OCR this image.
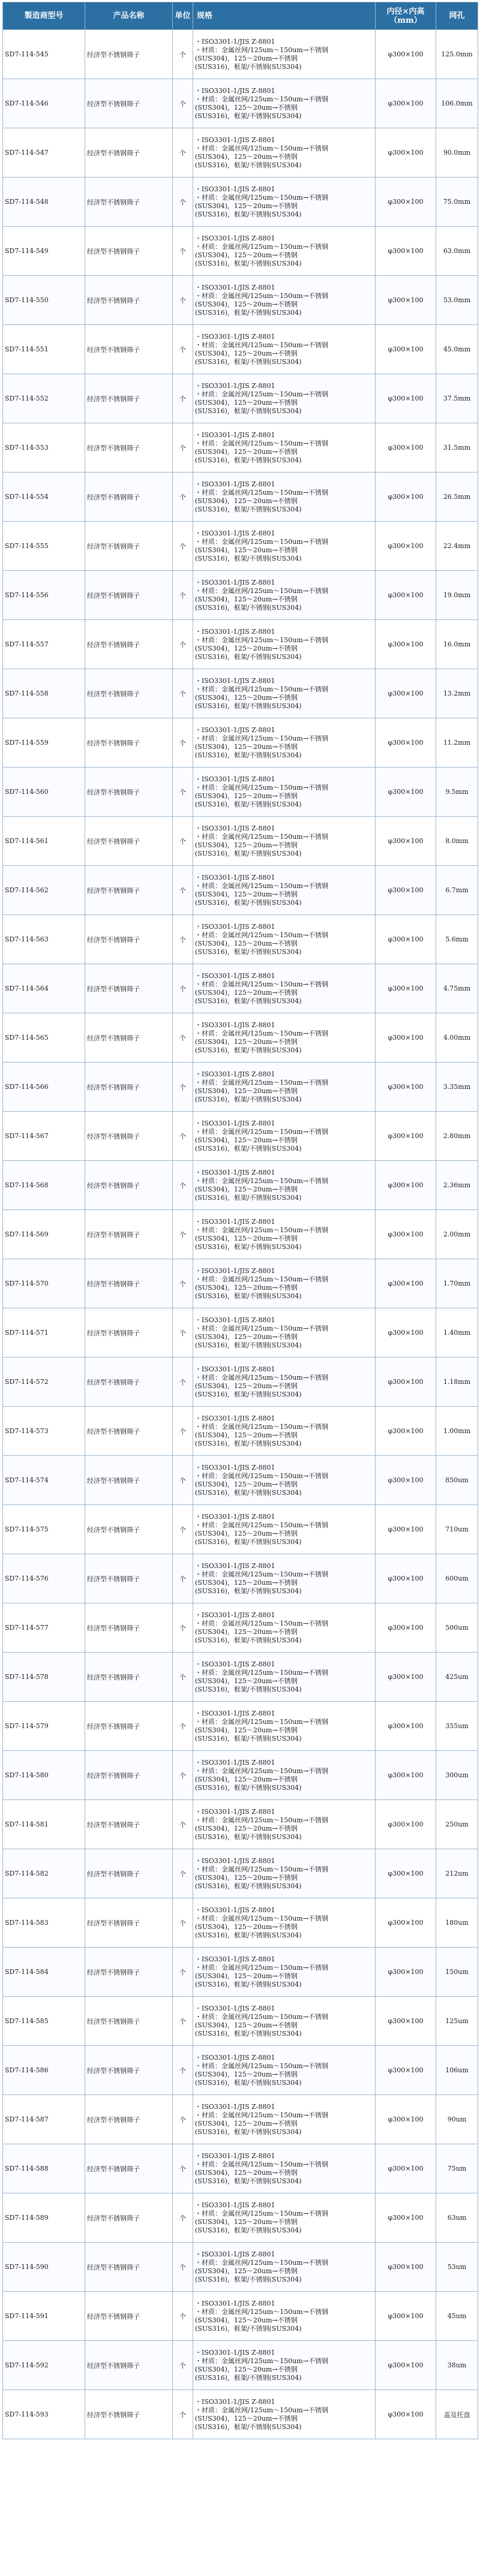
製造商型号	产品名称	单位	规格	内径×内高
（mm）	网孔
SD7-114-545	经济型不锈钢筛子	个	・ISO3301-1/JIS Z-8801
・材质：金属丝网/125um～150um→不锈钢
(SUS304)，125～20um→不锈钢
(SUS316)，框架/不锈钢(SUS304)	φ300×100	125.0mm
SD7-114-546	经济型不锈钢筛子	个	・ISO3301-1/JIS Z-8801
・材质：金属丝网/125um～150um→不锈钢
(SUS304)，125～20um→不锈钢
(SUS316)，框架/不锈钢(SUS304)	φ300×100	106.0mm
SD7-114-547	经济型不锈钢筛子	个	・ISO3301-1/JIS Z-8801
・材质：金属丝网/125um～150um→不锈钢
(SUS304)，125～20um→不锈钢
(SUS316)，框架/不锈钢(SUS304)	φ300×100	90.0mm
SD7-114-548	经济型不锈钢筛子	个	・ISO3301-1/JIS Z-8801
・材质：金属丝网/125um～150um→不锈钢
(SUS304)，125～20um→不锈钢
(SUS316)，框架/不锈钢(SUS304)	φ300×100	75.0mm
SD7-114-549	经济型不锈钢筛子	个	・ISO3301-1/JIS Z-8801
・材质：金属丝网/125um～150um→不锈钢
(SUS304)，125～20um→不锈钢
(SUS316)，框架/不锈钢(SUS304)	φ300×100	63.0mm
SD7-114-550	经济型不锈钢筛子	个	・ISO3301-1/JIS Z-8801
・材质：金属丝网/125um～150um→不锈钢
(SUS304)，125～20um→不锈钢
(SUS316)，框架/不锈钢(SUS304)	φ300×100	53.0mm
SD7-114-551	经济型不锈钢筛子	个	・ISO3301-1/JIS Z-8801
・材质：金属丝网/125um～150um→不锈钢
(SUS304)，125～20um→不锈钢
(SUS316)，框架/不锈钢(SUS304)	φ300×100	45.0mm
SD7-114-552	经济型不锈钢筛子	个	・ISO3301-1/JIS Z-8801
・材质：金属丝网/125um～150um→不锈钢
(SUS304)，125～20um→不锈钢
(SUS316)，框架/不锈钢(SUS304)	φ300×100	37.5mm
SD7-114-553	经济型不锈钢筛子	个	・ISO3301-1/JIS Z-8801
・材质：金属丝网/125um～150um→不锈钢
(SUS304)，125～20um→不锈钢
(SUS316)，框架/不锈钢(SUS304)	φ300×100	31.5mm
SD7-114-554	经济型不锈钢筛子	个	・ISO3301-1/JIS Z-8801
・材质：金属丝网/125um～150um→不锈钢
(SUS304)，125～20um→不锈钢
(SUS316)，框架/不锈钢(SUS304)	φ300×100	26.5mm
SD7-114-555	经济型不锈钢筛子	个	・ISO3301-1/JIS Z-8801
・材质：金属丝网/125um～150um→不锈钢
(SUS304)，125～20um→不锈钢
(SUS316)，框架/不锈钢(SUS304)	φ300×100	22.4mm
SD7-114-556	经济型不锈钢筛子	个	・ISO3301-1/JIS Z-8801
・材质：金属丝网/125um～150um→不锈钢
(SUS304)，125～20um→不锈钢
(SUS316)，框架/不锈钢(SUS304)	φ300×100	19.0mm
SD7-114-557	经济型不锈钢筛子	个	・ISO3301-1/JIS Z-8801
・材质：金属丝网/125um～150um→不锈钢
(SUS304)，125～20um→不锈钢
(SUS316)，框架/不锈钢(SUS304)	φ300×100	16.0mm
SD7-114-558	经济型不锈钢筛子	个	・ISO3301-1/JIS Z-8801
・材质：金属丝网/125um～150um→不锈钢
(SUS304)，125～20um→不锈钢
(SUS316)，框架/不锈钢(SUS304)	φ300×100	13.2mm
SD7-114-559	经济型不锈钢筛子	个	・ISO3301-1/JIS Z-8801
・材质：金属丝网/125um～150um→不锈钢
(SUS304)，125～20um→不锈钢
(SUS316)，框架/不锈钢(SUS304)	φ300×100	11.2mm
SD7-114-560	经济型不锈钢筛子	个	・ISO3301-1/JIS Z-8801
・材质：金属丝网/125um～150um→不锈钢
(SUS304)，125～20um→不锈钢
(SUS316)，框架/不锈钢(SUS304)	φ300×100	9.5mm
SD7-114-561	经济型不锈钢筛子	个	・ISO3301-1/JIS Z-8801
・材质：金属丝网/125um～150um→不锈钢
(SUS304)，125～20um→不锈钢
(SUS316)，框架/不锈钢(SUS304)	φ300×100	8.0mm
SD7-114-562	经济型不锈钢筛子	个	・ISO3301-1/JIS Z-8801
・材质：金属丝网/125um～150um→不锈钢
(SUS304)，125～20um→不锈钢
(SUS316)，框架/不锈钢(SUS304)	φ300×100	6.7mm
SD7-114-563	经济型不锈钢筛子	个	・ISO3301-1/JIS Z-8801
・材质：金属丝网/125um～150um→不锈钢
(SUS304)，125～20um→不锈钢
(SUS316)，框架/不锈钢(SUS304)	φ300×100	5.6mm
SD7-114-564	经济型不锈钢筛子	个	・ISO3301-1/JIS Z-8801
・材质：金属丝网/125um～150um→不锈钢
(SUS304)，125～20um→不锈钢
(SUS316)，框架/不锈钢(SUS304)	φ300×100	4.75mm
SD7-114-565	经济型不锈钢筛子	个	・ISO3301-1/JIS Z-8801
・材质：金属丝网/125um～150um→不锈钢
(SUS304)，125～20um→不锈钢
(SUS316)，框架/不锈钢(SUS304)	φ300×100	4.00mm
SD7-114-566	经济型不锈钢筛子	个	・ISO3301-1/JIS Z-8801
・材质：金属丝网/125um～150um→不锈钢
(SUS304)，125～20um→不锈钢
(SUS316)，框架/不锈钢(SUS304)	φ300×100	3.35mm
SD7-114-567	经济型不锈钢筛子	个	・ISO3301-1/JIS Z-8801
・材质：金属丝网/125um～150um→不锈钢
(SUS304)，125～20um→不锈钢
(SUS316)，框架/不锈钢(SUS304)	φ300×100	2.80mm
SD7-114-568	经济型不锈钢筛子	个	・ISO3301-1/JIS Z-8801
・材质：金属丝网/125um～150um→不锈钢
(SUS304)，125～20um→不锈钢
(SUS316)，框架/不锈钢(SUS304)	φ300×100	2.36mm
SD7-114-569	经济型不锈钢筛子	个	・ISO3301-1/JIS Z-8801
・材质：金属丝网/125um～150um→不锈钢
(SUS304)，125～20um→不锈钢
(SUS316)，框架/不锈钢(SUS304)	φ300×100	2.00mm
SD7-114-570	经济型不锈钢筛子	个	・ISO3301-1/JIS Z-8801
・材质：金属丝网/125um～150um→不锈钢
(SUS304)，125～20um→不锈钢
(SUS316)，框架/不锈钢(SUS304)	φ300×100	1.70mm
SD7-114-571	经济型不锈钢筛子	个	・ISO3301-1/JIS Z-8801
・材质：金属丝网/125um～150um→不锈钢
(SUS304)，125～20um→不锈钢
(SUS316)，框架/不锈钢(SUS304)	φ300×100	1.40mm
SD7-114-572	经济型不锈钢筛子	个	・ISO3301-1/JIS Z-8801
・材质：金属丝网/125um～150um→不锈钢
(SUS304)，125～20um→不锈钢
(SUS316)，框架/不锈钢(SUS304)	φ300×100	1.18mm
SD7-114-573	经济型不锈钢筛子	个	・ISO3301-1/JIS Z-8801
・材质：金属丝网/125um～150um→不锈钢
(SUS304)，125～20um→不锈钢
(SUS316)，框架/不锈钢(SUS304)	φ300×100	1.00mm
SD7-114-574	经济型不锈钢筛子	个	・ISO3301-1/JIS Z-8801
・材质：金属丝网/125um～150um→不锈钢
(SUS304)，125～20um→不锈钢
(SUS316)，框架/不锈钢(SUS304)	φ300×100	850um
SD7-114-575	经济型不锈钢筛子	个	・ISO3301-1/JIS Z-8801
・材质：金属丝网/125um～150um→不锈钢
(SUS304)，125～20um→不锈钢
(SUS316)，框架/不锈钢(SUS304)	φ300×100	710um
SD7-114-576	经济型不锈钢筛子	个	・ISO3301-1/JIS Z-8801
・材质：金属丝网/125um～150um→不锈钢
(SUS304)，125～20um→不锈钢
(SUS316)，框架/不锈钢(SUS304)	φ300×100	600um
SD7-114-577	经济型不锈钢筛子	个	・ISO3301-1/JIS Z-8801
・材质：金属丝网/125um～150um→不锈钢
(SUS304)，125～20um→不锈钢
(SUS316)，框架/不锈钢(SUS304)	φ300×100	500um
SD7-114-578	经济型不锈钢筛子	个	・ISO3301-1/JIS Z-8801
・材质：金属丝网/125um～150um→不锈钢
(SUS304)，125～20um→不锈钢
(SUS316)，框架/不锈钢(SUS304)	φ300×100	425um
SD7-114-579	经济型不锈钢筛子	个	・ISO3301-1/JIS Z-8801
・材质：金属丝网/125um～150um→不锈钢
(SUS304)，125～20um→不锈钢
(SUS316)，框架/不锈钢(SUS304)	φ300×100	355um
SD7-114-580	经济型不锈钢筛子	个	・ISO3301-1/JIS Z-8801
・材质：金属丝网/125um～150um→不锈钢
(SUS304)，125～20um→不锈钢
(SUS316)，框架/不锈钢(SUS304)	φ300×100	300um
SD7-114-581	经济型不锈钢筛子	个	・ISO3301-1/JIS Z-8801
・材质：金属丝网/125um～150um→不锈钢
(SUS304)，125～20um→不锈钢
(SUS316)，框架/不锈钢(SUS304)	φ300×100	250um
SD7-114-582	经济型不锈钢筛子	个	・ISO3301-1/JIS Z-8801
・材质：金属丝网/125um～150um→不锈钢
(SUS304)，125～20um→不锈钢
(SUS316)，框架/不锈钢(SUS304)	φ300×100	212um
SD7-114-583	经济型不锈钢筛子	个	・ISO3301-1/JIS Z-8801
・材质：金属丝网/125um～150um→不锈钢
(SUS304)，125～20um→不锈钢
(SUS316)，框架/不锈钢(SUS304)	φ300×100	180um
SD7-114-584	经济型不锈钢筛子	个	・ISO3301-1/JIS Z-8801
・材质：金属丝网/125um～150um→不锈钢
(SUS304)，125～20um→不锈钢
(SUS316)，框架/不锈钢(SUS304)	φ300×100	150um
SD7-114-585	经济型不锈钢筛子	个	・ISO3301-1/JIS Z-8801
・材质：金属丝网/125um～150um→不锈钢
(SUS304)，125～20um→不锈钢
(SUS316)，框架/不锈钢(SUS304)	φ300×100	125um
SD7-114-586	经济型不锈钢筛子	个	・ISO3301-1/JIS Z-8801
・材质：金属丝网/125um～150um→不锈钢
(SUS304)，125～20um→不锈钢
(SUS316)，框架/不锈钢(SUS304)	φ300×100	106um
SD7-114-587	经济型不锈钢筛子	个	・ISO3301-1/JIS Z-8801
・材质：金属丝网/125um～150um→不锈钢
(SUS304)，125～20um→不锈钢
(SUS316)，框架/不锈钢(SUS304)	φ300×100	90um
SD7-114-588	经济型不锈钢筛子	个	・ISO3301-1/JIS Z-8801
・材质：金属丝网/125um～150um→不锈钢
(SUS304)，125～20um→不锈钢
(SUS316)，框架/不锈钢(SUS304)	φ300×100	75um
SD7-114-589	经济型不锈钢筛子	个	・ISO3301-1/JIS Z-8801
・材质：金属丝网/125um～150um→不锈钢
(SUS304)，125～20um→不锈钢
(SUS316)，框架/不锈钢(SUS304)	φ300×100	63um
SD7-114-590	经济型不锈钢筛子	个	・ISO3301-1/JIS Z-8801
・材质：金属丝网/125um～150um→不锈钢
(SUS304)，125～20um→不锈钢
(SUS316)，框架/不锈钢(SUS304)	φ300×100	53um
SD7-114-591	经济型不锈钢筛子	个	・ISO3301-1/JIS Z-8801
・材质：金属丝网/125um～150um→不锈钢
(SUS304)，125～20um→不锈钢
(SUS316)，框架/不锈钢(SUS304)	φ300×100	45um
SD7-114-592	经济型不锈钢筛子	个	・ISO3301-1/JIS Z-8801
・材质：金属丝网/125um～150um→不锈钢
(SUS304)，125～20um→不锈钢
(SUS316)，框架/不锈钢(SUS304)	φ300×100	38um
SD7-114-593	经济型不锈钢筛子	个	・ISO3301-1/JIS Z-8801
・材质：金属丝网/125um～150um→不锈钢
(SUS304)，125～20um→不锈钢
(SUS316)，框架/不锈钢(SUS304)	φ300×100	盖及托盘
